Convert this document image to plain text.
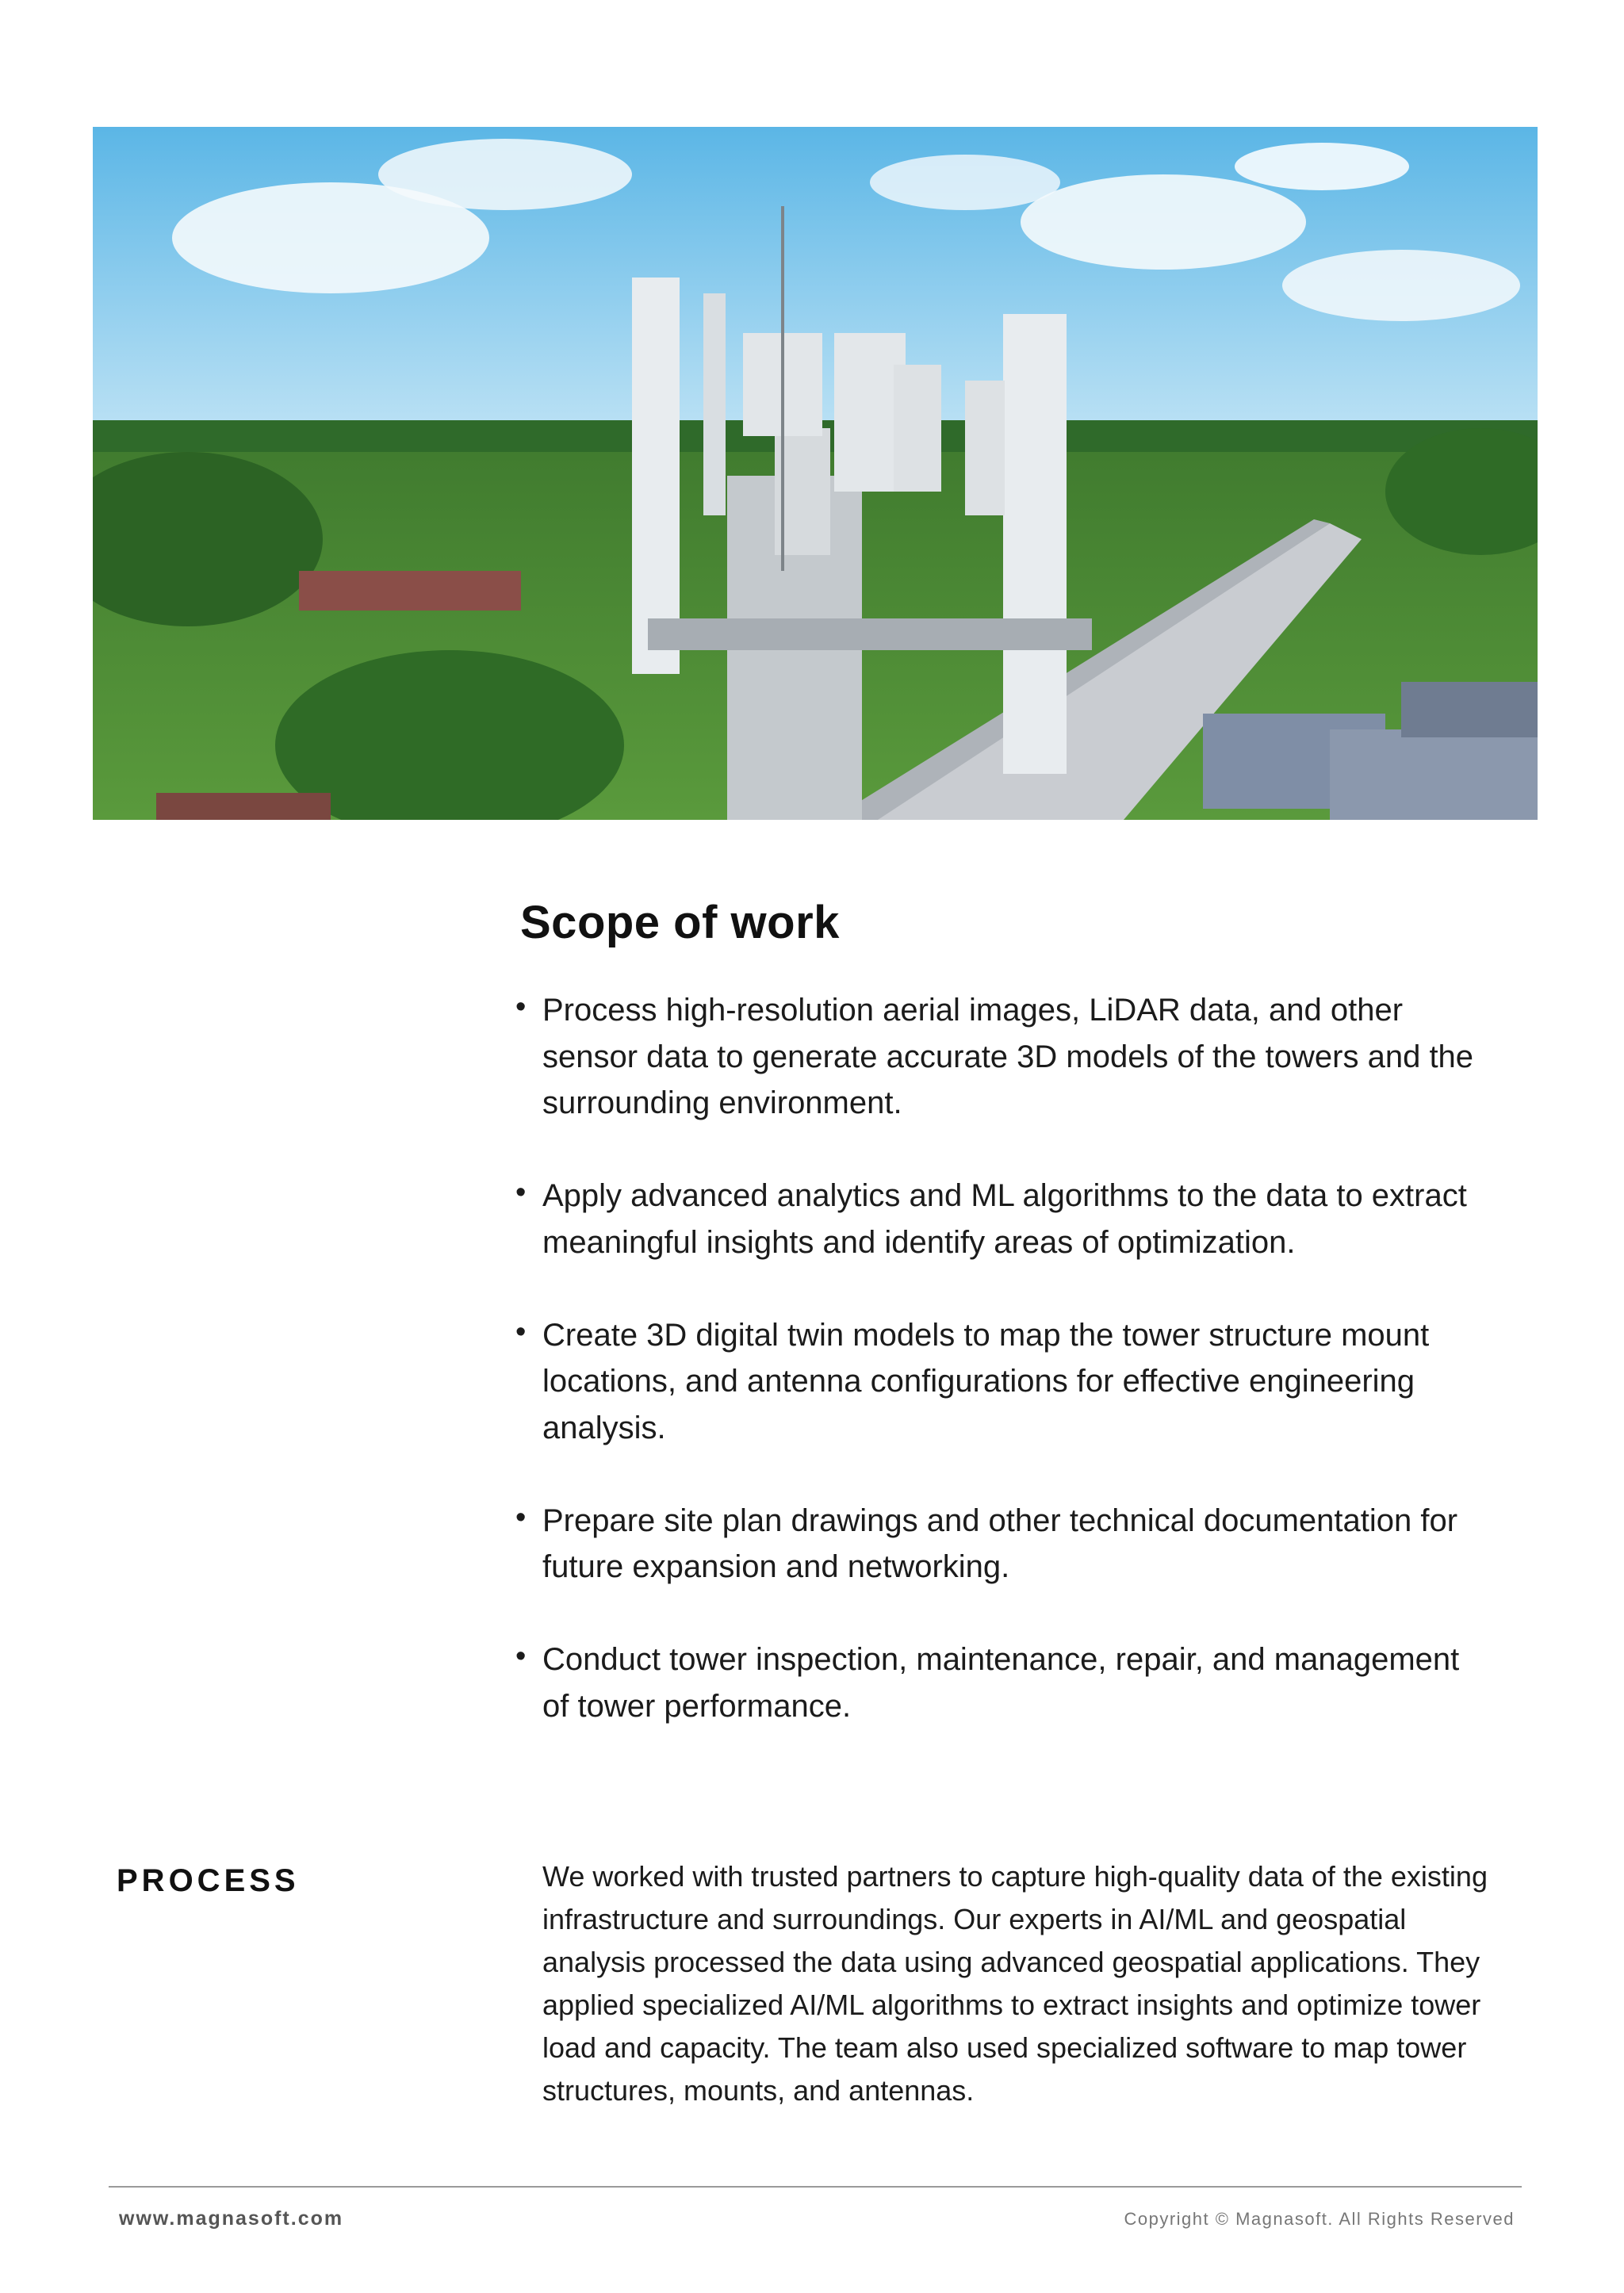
Scope of work
• Process high-resolution aerial images, LiDAR data, and other sensor data to generate accurate 3D models of the towers and the surrounding environment.
• Apply advanced analytics and ML algorithms to the data to extract meaningful insights and identify areas of optimization.
• Create 3D digital twin models to map the tower structure mount locations, and antenna configurations for effective engineering analysis.
• Prepare site plan drawings and other technical documentation for future expansion and networking.
• Conduct tower inspection, maintenance, repair, and management of tower performance.
PROCESS	We worked with trusted partners to capture high-quality data of the existing infrastructure and surroundings. Our experts in AI/ML and geospatial analysis processed the data using advanced geospatial applications. They applied specialized AI/ML algorithms to extract insights and optimize tower load and capacity. The team also used specialized software to map tower structures, mounts, and antennas.

www.magnasoft.com	Copyright © Magnasoft. All Rights Reserved
